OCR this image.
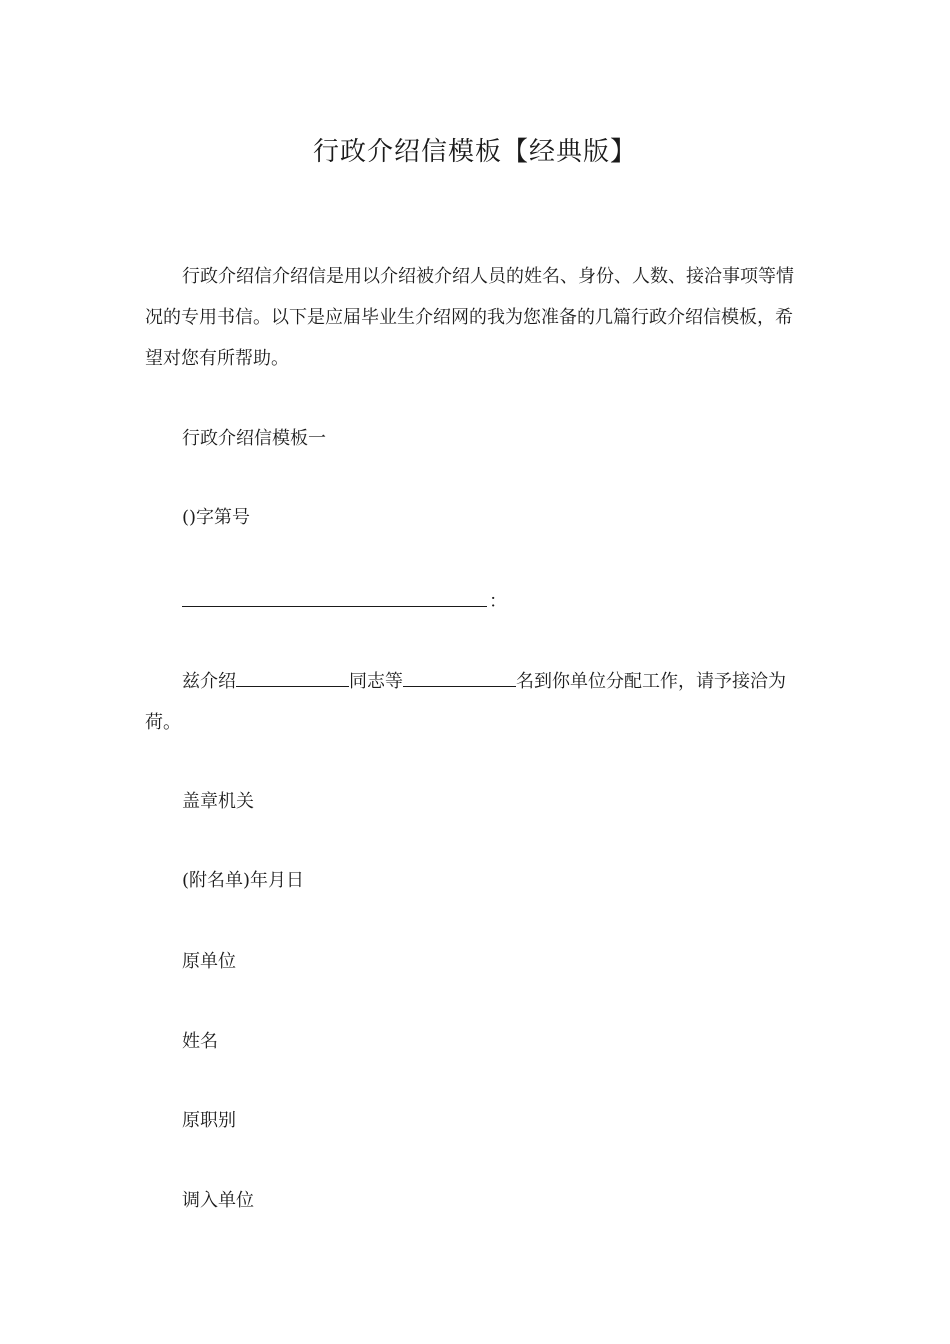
行政介绍信模板【经典版】

行政介绍信介绍信是用以介绍被介绍人员的姓名、身份、人数、接洽事项等情况的专用书信。以下是应届毕业生介绍网的我为您准备的几篇行政介绍信模板，希望对您有所帮助。

行政介绍信模板一
()字第号
：

兹介绍	同志等	名到你单位分配工作，请予接洽为荷。

盖章机关
(附名单)年月日
原单位
姓名
原职别
调入单位
